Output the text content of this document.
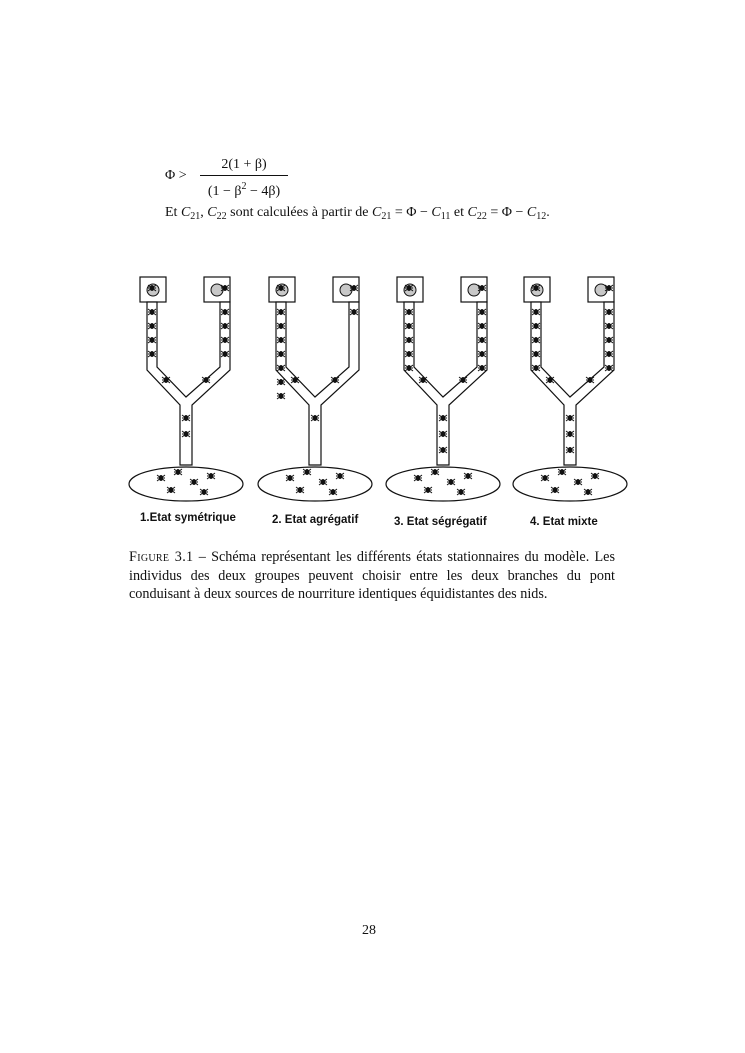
Φ >
2(1 + β)
$(1 - \beta^2 - 4\beta)$
Et $C_{21}$, $C_{22}$ sont calculées à partir de $C_{21} = \Phi - C_{11}$ et $C_{22} = \Phi - C_{12}$.
1.Etat symétrique	2. Etat agrégatif	3. Etat ségrégatif	4. Etat mixte
Figure 3.1 – Schéma représentant les différents états stationnaires du modèle. Les individus des deux groupes peuvent choisir entre les deux branches du pont conduisant à deux sources de nourriture identiques équidistantes des nids.
28
